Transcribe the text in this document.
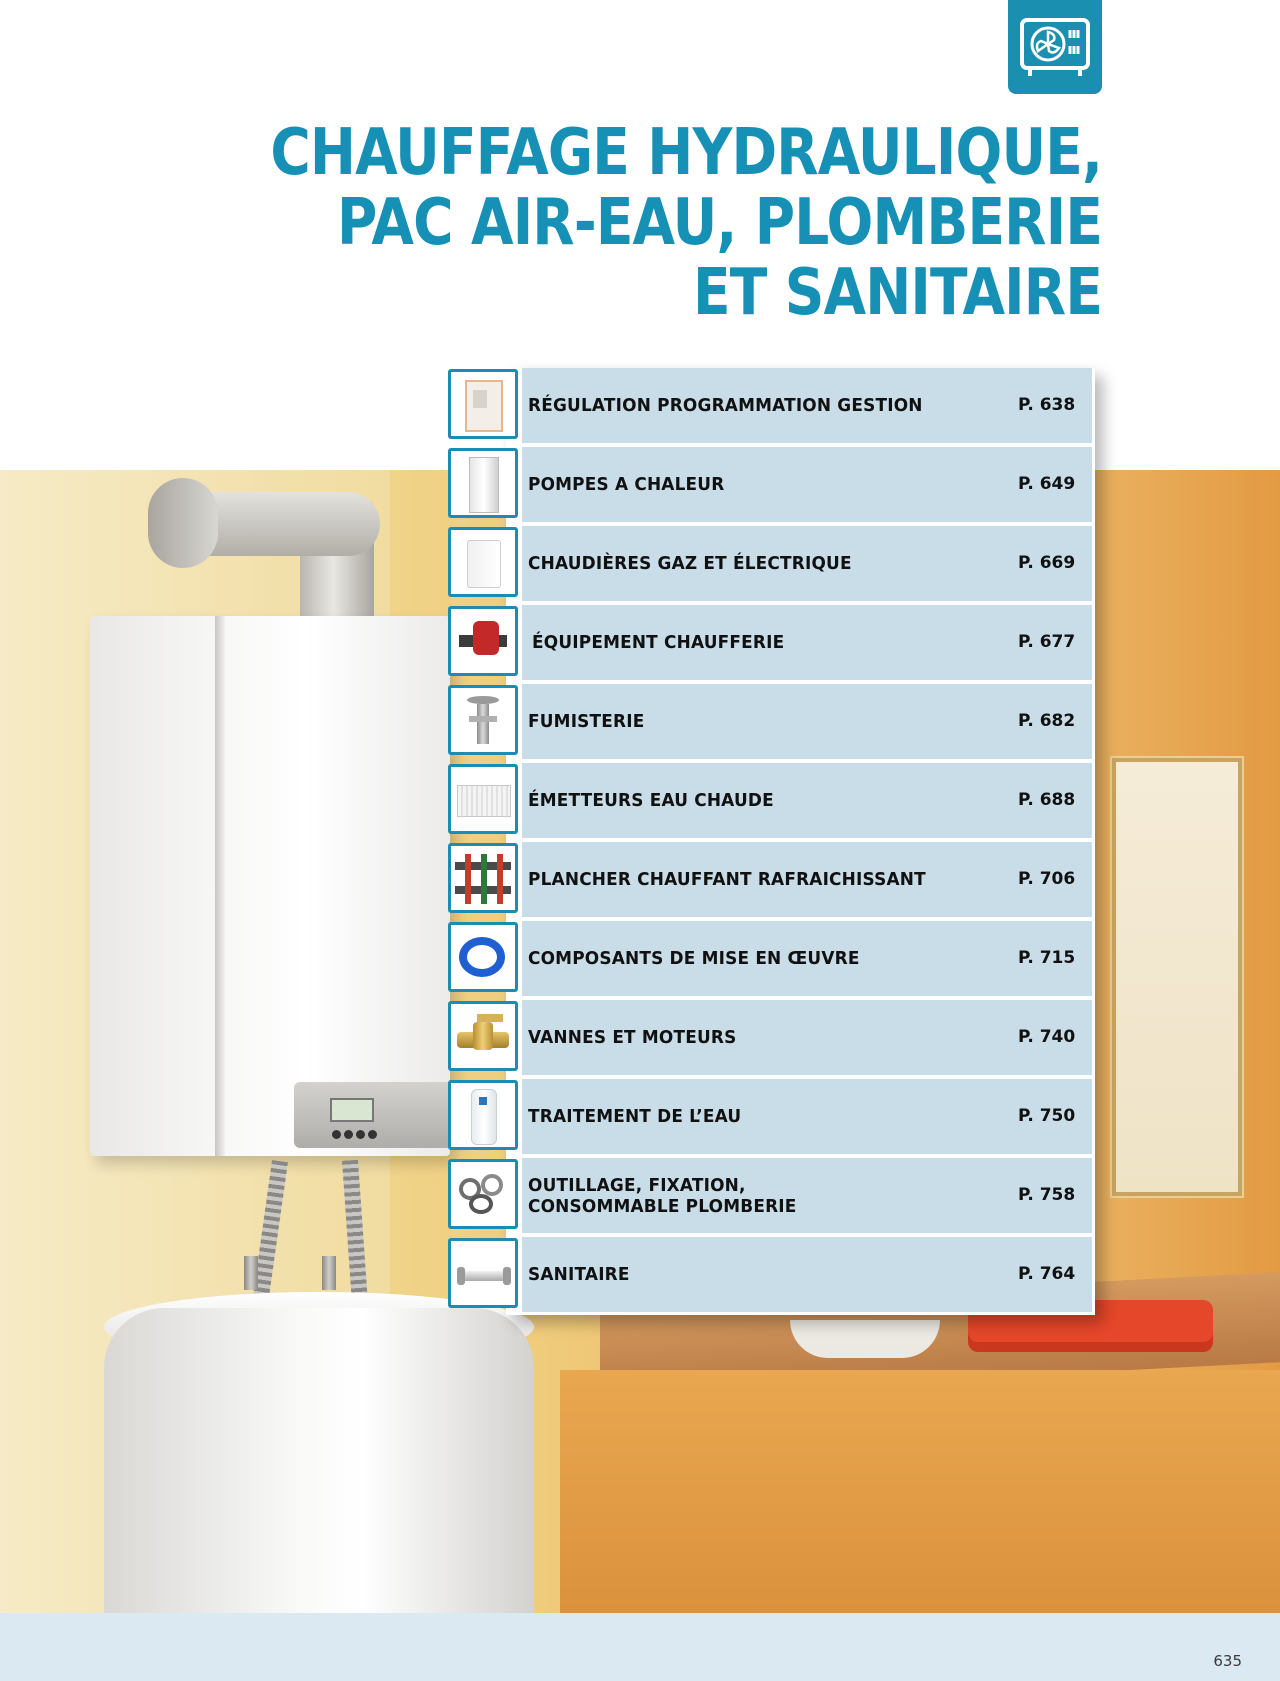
CHAUFFAGE HYDRAULIQUE,
PAC AIR-EAU, PLOMBERIE
ET SANITAIRE
RÉGULATION PROGRAMMATION GESTION	P. 638
POMPES A CHALEUR	P. 649
CHAUDIÈRES GAZ ET ÉLECTRIQUE	P. 669
ÉQUIPEMENT CHAUFFERIE	P. 677
FUMISTERIE	P. 682
ÉMETTEURS EAU CHAUDE	P. 688
PLANCHER CHAUFFANT RAFRAICHISSANT	P. 706
COMPOSANTS DE MISE EN ŒUVRE	P. 715
VANNES ET MOTEURS	P. 740
TRAITEMENT DE L’EAU	P. 750
OUTILLAGE, FIXATION,
CONSOMMABLE PLOMBERIE
P. 758
SANITAIRE	P. 764
635
